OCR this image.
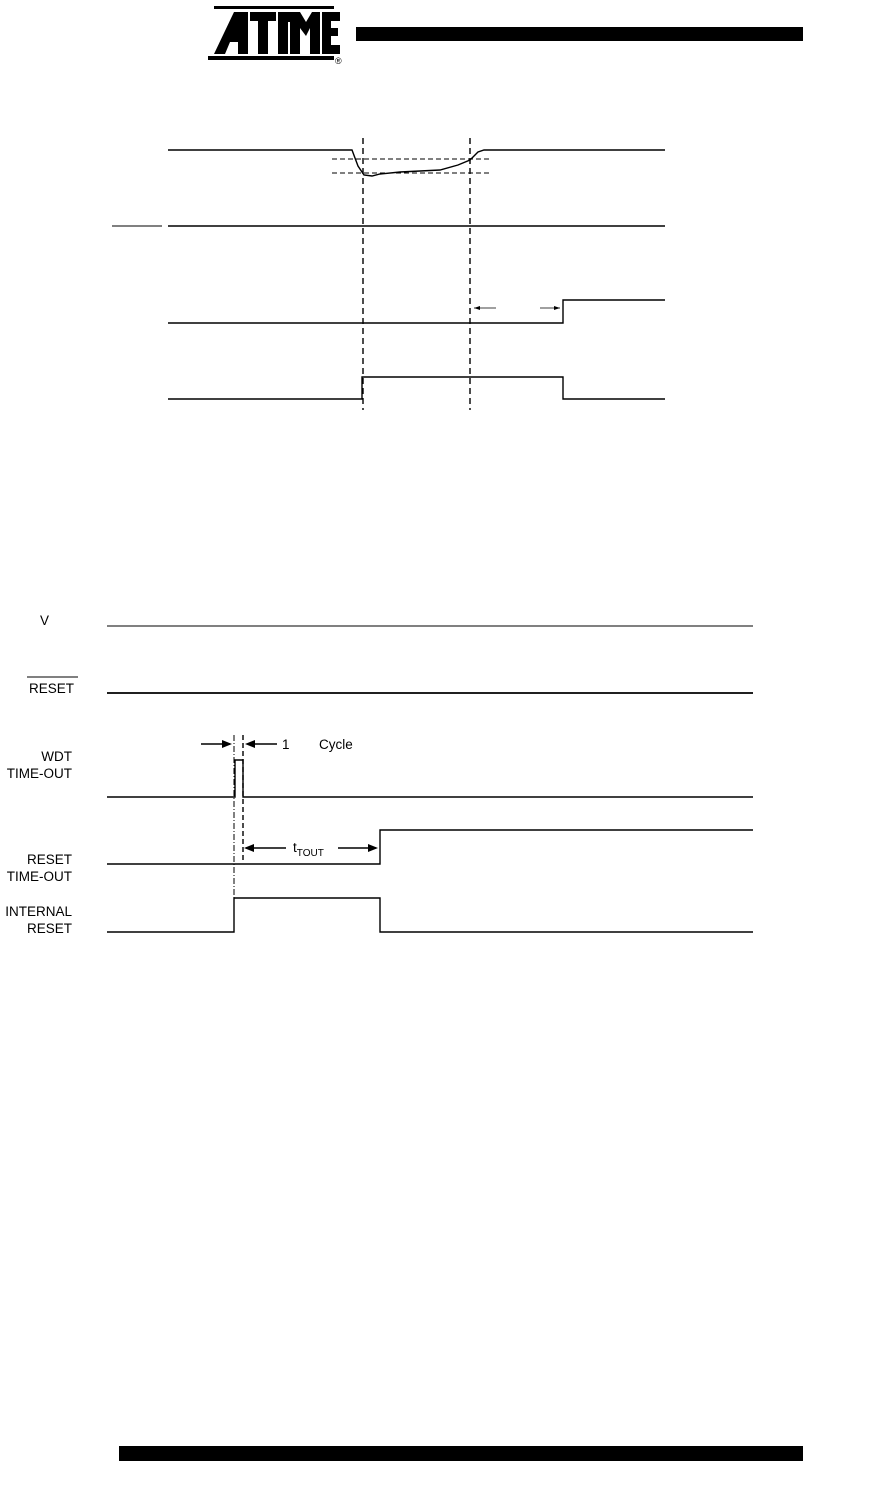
®
V
RESET
WDT
TIME-OUT
RESET
TIME-OUT
INTERNAL
RESET
1 Cycle
$t_{TOUT}$
